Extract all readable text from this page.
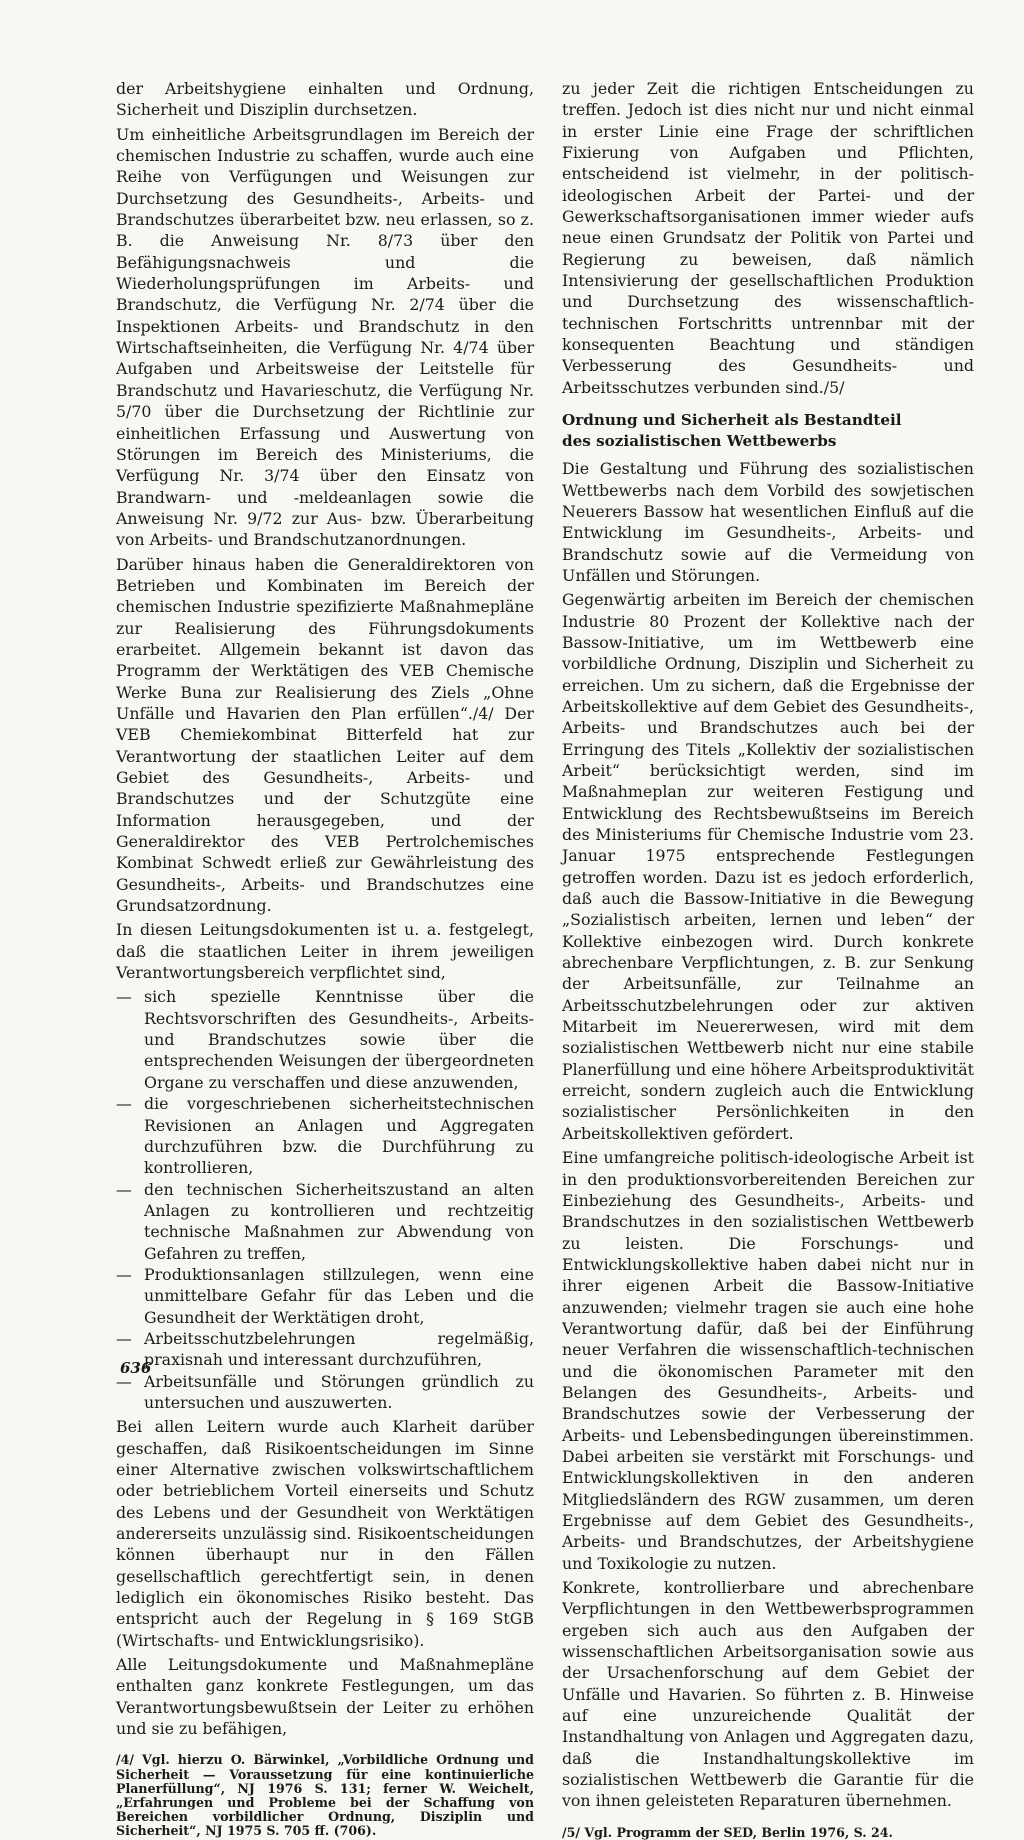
der Arbeitshygiene einhalten und Ordnung, Sicherheit und Disziplin durchsetzen.

Um einheitliche Arbeitsgrundlagen im Bereich der chemischen Industrie zu schaffen, wurde auch eine Reihe von Verfügungen und Weisungen zur Durchsetzung des Gesundheits-, Arbeits- und Brandschutzes überarbeitet bzw. neu erlassen, so z. B. die Anweisung Nr. 8/73 über den Befähigungsnachweis und die Wiederholungsprüfungen im Arbeits- und Brandschutz, die Verfügung Nr. 2/74 über die Inspektionen Arbeits- und Brandschutz in den Wirtschaftseinheiten, die Verfügung Nr. 4/74 über Aufgaben und Arbeitsweise der Leitstelle für Brandschutz und Havarieschutz, die Verfügung Nr. 5/70 über die Durchsetzung der Richtlinie zur einheitlichen Erfassung und Auswertung von Störungen im Bereich des Ministeriums, die Verfügung Nr. 3/74 über den Einsatz von Brandwarn- und -meldeanlagen sowie die Anweisung Nr. 9/72 zur Aus- bzw. Überarbeitung von Arbeits- und Brandschutzanordnungen.

Darüber hinaus haben die Generaldirektoren von Betrieben und Kombinaten im Bereich der chemischen Industrie spezifizierte Maßnahmepläne zur Realisierung des Führungsdokuments erarbeitet. Allgemein bekannt ist davon das Programm der Werktätigen des VEB Chemische Werke Buna zur Realisierung des Ziels „Ohne Unfälle und Havarien den Plan erfüllen“./4/ Der VEB Chemiekombinat Bitterfeld hat zur Verantwortung der staatlichen Leiter auf dem Gebiet des Gesundheits-, Arbeits- und Brandschutzes und der Schutzgüte eine Information herausgegeben, und der Generaldirektor des VEB Pertrolchemisches Kombinat Schwedt erließ zur Gewährleistung des Gesundheits-, Arbeits- und Brandschutzes eine Grundsatzordnung.

In diesen Leitungsdokumenten ist u. a. festgelegt, daß die staatlichen Leiter in ihrem jeweiligen Verantwortungsbereich verpflichtet sind,

— sich spezielle Kenntnisse über die Rechtsvorschriften des Gesundheits-, Arbeits- und Brandschutzes sowie über die entsprechenden Weisungen der übergeordneten Organe zu verschaffen und diese anzuwenden,
— die vorgeschriebenen sicherheitstechnischen Revisionen an Anlagen und Aggregaten durchzuführen bzw. die Durchführung zu kontrollieren,
— den technischen Sicherheitszustand an alten Anlagen zu kontrollieren und rechtzeitig technische Maßnahmen zur Abwendung von Gefahren zu treffen,
— Produktionsanlagen stillzulegen, wenn eine unmittelbare Gefahr für das Leben und die Gesundheit der Werktätigen droht,
— Arbeitsschutzbelehrungen regelmäßig, praxisnah und interessant durchzuführen,
— Arbeitsunfälle und Störungen gründlich zu untersuchen und auszuwerten.

Bei allen Leitern wurde auch Klarheit darüber geschaffen, daß Risikoentscheidungen im Sinne einer Alternative zwischen volkswirtschaftlichem oder betrieblichem Vorteil einerseits und Schutz des Lebens und der Gesundheit von Werktätigen andererseits unzulässig sind. Risikoentscheidungen können überhaupt nur in den Fällen gesellschaftlich gerechtfertigt sein, in denen lediglich ein ökonomisches Risiko besteht. Das entspricht auch der Regelung in § 169 StGB (Wirtschafts- und Entwicklungsrisiko).

Alle Leitungsdokumente und Maßnahmepläne enthalten ganz konkrete Festlegungen, um das Verantwortungsbewußtsein der Leiter zu erhöhen und sie zu befähigen,

/4/ Vgl. hierzu O. Bärwinkel, „Vorbildliche Ordnung und Sicherheit — Voraussetzung für eine kontinuierliche Planerfüllung“, NJ 1976 S. 131; ferner W. Weichelt, „Erfahrungen und Probleme bei der Schaffung von Bereichen vorbildlicher Ordnung, Disziplin und Sicherheit“, NJ 1975 S. 705 ff. (706).

zu jeder Zeit die richtigen Entscheidungen zu treffen. Jedoch ist dies nicht nur und nicht einmal in erster Linie eine Frage der schriftlichen Fixierung von Aufgaben und Pflichten, entscheidend ist vielmehr, in der politisch-ideologischen Arbeit der Partei- und der Gewerkschaftsorganisationen immer wieder aufs neue einen Grundsatz der Politik von Partei und Regierung zu beweisen, daß nämlich Intensivierung der gesellschaftlichen Produktion und Durchsetzung des wissenschaftlich-technischen Fortschritts untrennbar mit der konsequenten Beachtung und ständigen Verbesserung des Gesundheits- und Arbeitsschutzes verbunden sind./5/

Ordnung und Sicherheit als Bestandteil
des sozialistischen Wettbewerbs

Die Gestaltung und Führung des sozialistischen Wettbewerbs nach dem Vorbild des sowjetischen Neuerers Bassow hat wesentlichen Einfluß auf die Entwicklung im Gesundheits-, Arbeits- und Brandschutz sowie auf die Vermeidung von Unfällen und Störungen.

Gegenwärtig arbeiten im Bereich der chemischen Industrie 80 Prozent der Kollektive nach der Bassow-Initiative, um im Wettbewerb eine vorbildliche Ordnung, Disziplin und Sicherheit zu erreichen. Um zu sichern, daß die Ergebnisse der Arbeitskollektive auf dem Gebiet des Gesundheits-, Arbeits- und Brandschutzes auch bei der Erringung des Titels „Kollektiv der sozialistischen Arbeit“ berücksichtigt werden, sind im Maßnahmeplan zur weiteren Festigung und Entwicklung des Rechtsbewußtseins im Bereich des Ministeriums für Chemische Industrie vom 23. Januar 1975 entsprechende Festlegungen getroffen worden. Dazu ist es jedoch erforderlich, daß auch die Bassow-Initiative in die Bewegung „Sozialistisch arbeiten, lernen und leben“ der Kollektive einbezogen wird. Durch konkrete abrechenbare Verpflichtungen, z. B. zur Senkung der Arbeitsunfälle, zur Teilnahme an Arbeitsschutzbelehrungen oder zur aktiven Mitarbeit im Neuererwesen, wird mit dem sozialistischen Wettbewerb nicht nur eine stabile Planerfüllung und eine höhere Arbeitsproduktivität erreicht, sondern zugleich auch die Entwicklung sozialistischer Persönlichkeiten in den Arbeitskollektiven gefördert.

Eine umfangreiche politisch-ideologische Arbeit ist in den produktionsvorbereitenden Bereichen zur Einbeziehung des Gesundheits-, Arbeits- und Brandschutzes in den sozialistischen Wettbewerb zu leisten. Die Forschungs- und Entwicklungskollektive haben dabei nicht nur in ihrer eigenen Arbeit die Bassow-Initiative anzuwenden; vielmehr tragen sie auch eine hohe Verantwortung dafür, daß bei der Einführung neuer Verfahren die wissenschaftlich-technischen und die ökonomischen Parameter mit den Belangen des Gesundheits-, Arbeits- und Brandschutzes sowie der Verbesserung der Arbeits- und Lebensbedingungen übereinstimmen. Dabei arbeiten sie verstärkt mit Forschungs- und Entwicklungskollektiven in den anderen Mitgliedsländern des RGW zusammen, um deren Ergebnisse auf dem Gebiet des Gesundheits-, Arbeits- und Brandschutzes, der Arbeitshygiene und Toxikologie zu nutzen.

Konkrete, kontrollierbare und abrechenbare Verpflichtungen in den Wettbewerbsprogrammen ergeben sich auch aus den Aufgaben der wissenschaftlichen Arbeitsorganisation sowie aus der Ursachenforschung auf dem Gebiet der Unfälle und Havarien. So führten z. B. Hinweise auf eine unzureichende Qualität der Instandhaltung von Anlagen und Aggregaten dazu, daß die Instandhaltungskollektive im sozialistischen Wettbewerb die Garantie für die von ihnen geleisteten Reparaturen übernehmen.

/5/ Vgl. Programm der SED, Berlin 1976, S. 24.

636
